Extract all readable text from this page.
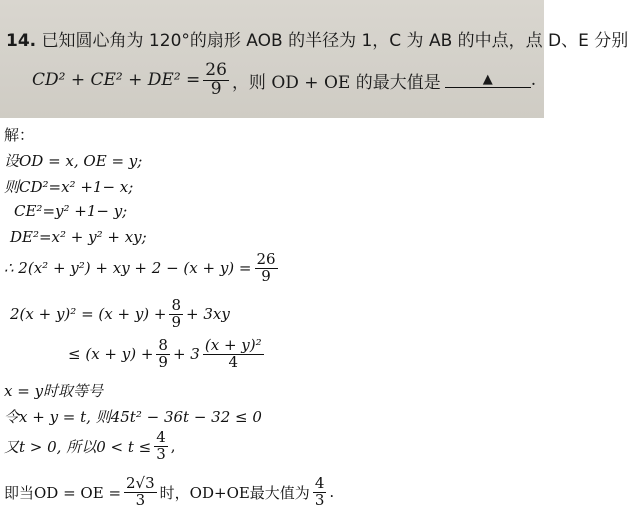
14. 已知圆心角为 120°的扇形 AOB 的半径为 1，C 为 AB 的中点，点 D、E 分别
$CD^2 + CE^2 + DE^2 = \frac{26}{9}$ ，则 OD + OE 的最大值是	▲	.
解：
设OD = x, OE = y;
则CD²=x² +1− x;
CE²=y² +1− y;
DE²=x² + y² + xy;
∴ 2(x² + y²) + xy + $2 - (x + y) = \frac{26}{9}$
$2(x + y)^2 = (x + y) + \frac{8}{9} + 3xy$
≤ $(x + y) + \frac{8}{9} + 3 \frac{\text{(x + y)²}}{4}$
x = y时取等号
令x + y = t, 则45t² − 36t − 32 ≤ 0
又t > 0, 所以$0 < t \le \frac{4}{3}$ ,
即当OD = OE = $\frac{2√3}{3}$ 时，OD+OE最大值为 $\frac{4}{3}$ .
